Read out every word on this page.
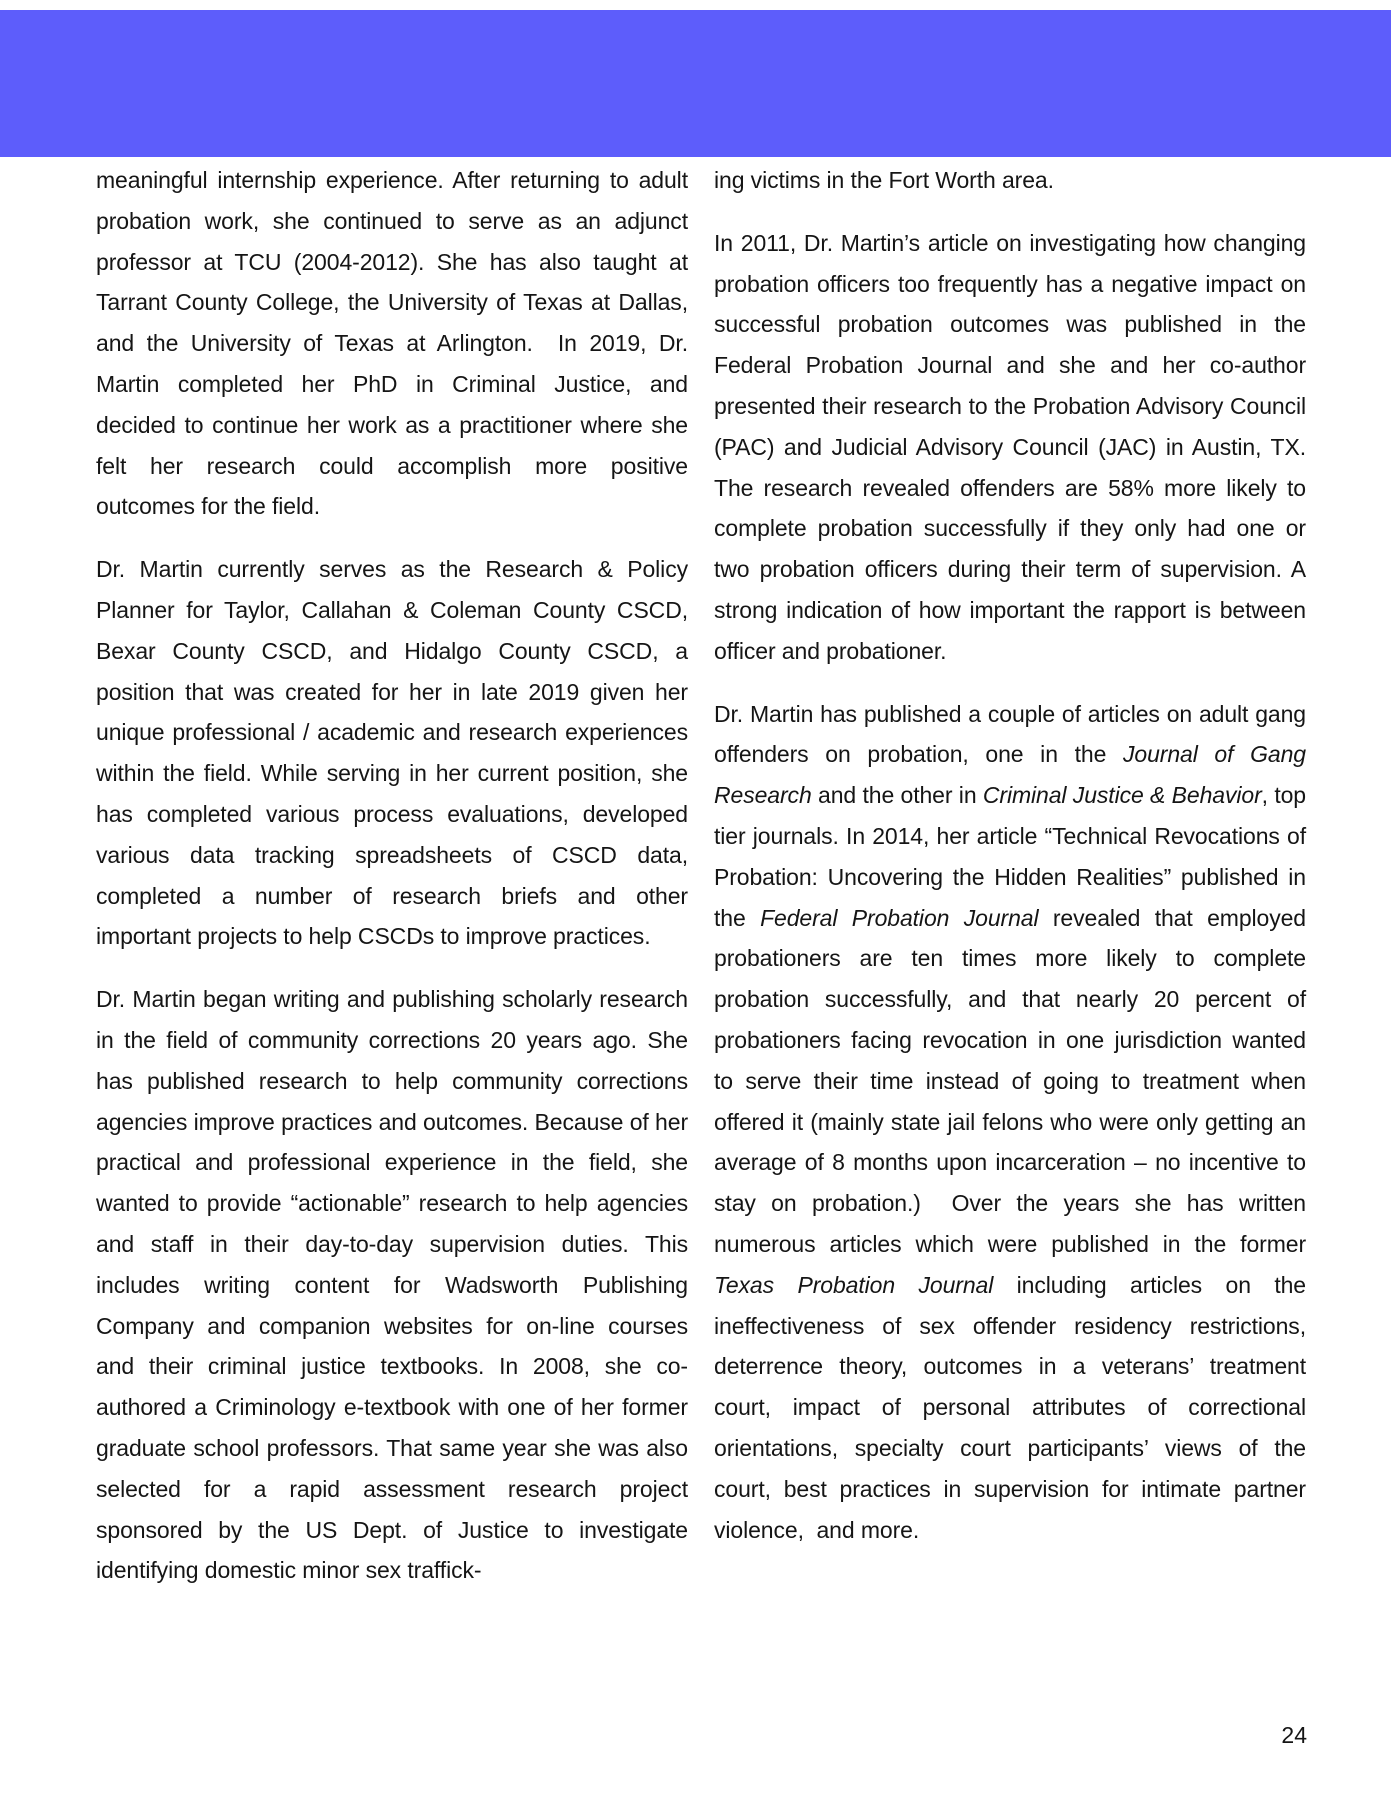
meaningful internship experience. After returning to adult probation work, she continued to serve as an adjunct professor at TCU (2004-2012). She has also taught at Tarrant County College, the University of Texas at Dallas, and the University of Texas at Arlington.  In 2019, Dr. Martin completed her PhD in Criminal Justice, and decided to continue her work as a practitioner where she felt her research could accomplish more positive outcomes for the field.

Dr. Martin currently serves as the Research & Policy Planner for Taylor, Callahan & Coleman County CSCD, Bexar County CSCD, and Hidalgo County CSCD, a position that was created for her in late 2019 given her unique professional / academic and research experiences within the field. While serving in her current position, she has completed various process evaluations, developed various data tracking spreadsheets of CSCD data, completed a number of research briefs and other important projects to help CSCDs to improve practices.

Dr. Martin began writing and publishing scholarly research in the field of community corrections 20 years ago. She has published research to help community corrections agencies improve practices and outcomes. Because of her practical and professional experience in the field, she wanted to provide “actionable” research to help agencies and staff in their day-to-day supervision duties. This includes writing content for Wadsworth Publishing Company and companion websites for on-line courses and their criminal justice textbooks. In 2008, she co-authored a Criminology e-textbook with one of her former graduate school professors. That same year she was also selected for a rapid assessment research project sponsored by the US Dept. of Justice to investigate identifying domestic minor sex traffick-

ing victims in the Fort Worth area.

In 2011, Dr. Martin’s article on investigating how changing probation officers too frequently has a negative impact on successful probation outcomes was published in the Federal Probation Journal and she and her co-author presented their research to the Probation Advisory Council (PAC) and Judicial Advisory Council (JAC) in Austin, TX. The research revealed offenders are 58% more likely to complete probation successfully if they only had one or two probation officers during their term of supervision. A strong indication of how important the rapport is between officer and probationer.

Dr. Martin has published a couple of articles on adult gang offenders on probation, one in the Journal of Gang Research and the other in Criminal Justice & Behavior, top tier journals. In 2014, her article “Technical Revocations of Probation: Uncovering the Hidden Realities” published in the Federal Probation Journal revealed that employed probationers are ten times more likely to complete probation successfully, and that nearly 20 percent of probationers facing revocation in one jurisdiction wanted to serve their time instead of going to treatment when offered it (mainly state jail felons who were only getting an average of 8 months upon incarceration – no incentive to stay on probation.)  Over the years she has written numerous articles which were published in the former Texas Probation Journal including articles on the ineffectiveness of sex offender residency restrictions, deterrence theory, outcomes in a veterans’ treatment court, impact of personal attributes of correctional orientations, specialty court participants’ views of the court, best practices in supervision for intimate partner violence,  and more.

24
